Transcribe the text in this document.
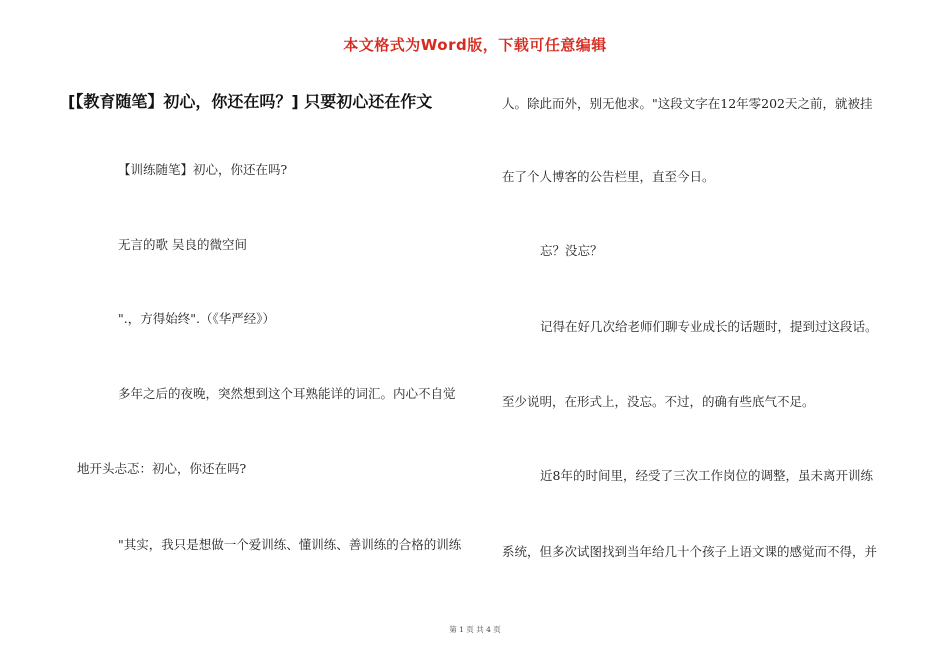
本文格式为Word版，下载可任意编辑
[【教育随笔】初心，你还在吗？] 只要初心还在作文
【训练随笔】初心，你还在吗?
无言的歌 吴良的微空间
".，方得始终".（《华严经》）
多年之后的夜晚，突然想到这个耳熟能详的词汇。内心不自觉
地开头忐忑：初心，你还在吗?
"其实，我只是想做一个爱训练、懂训练、善训练的合格的训练
人。除此而外，别无他求。"这段文字在12年零202天之前，就被挂
在了个人博客的公告栏里，直至今日。
忘？没忘？
记得在好几次给老师们聊专业成长的话题时，提到过这段话。
至少说明，在形式上，没忘。不过，的确有些底气不足。
近8年的时间里，经受了三次工作岗位的调整，虽未离开训练
系统，但多次试图找到当年给几十个孩子上语文课的感觉而不得，并
第 1 页 共 4 页
